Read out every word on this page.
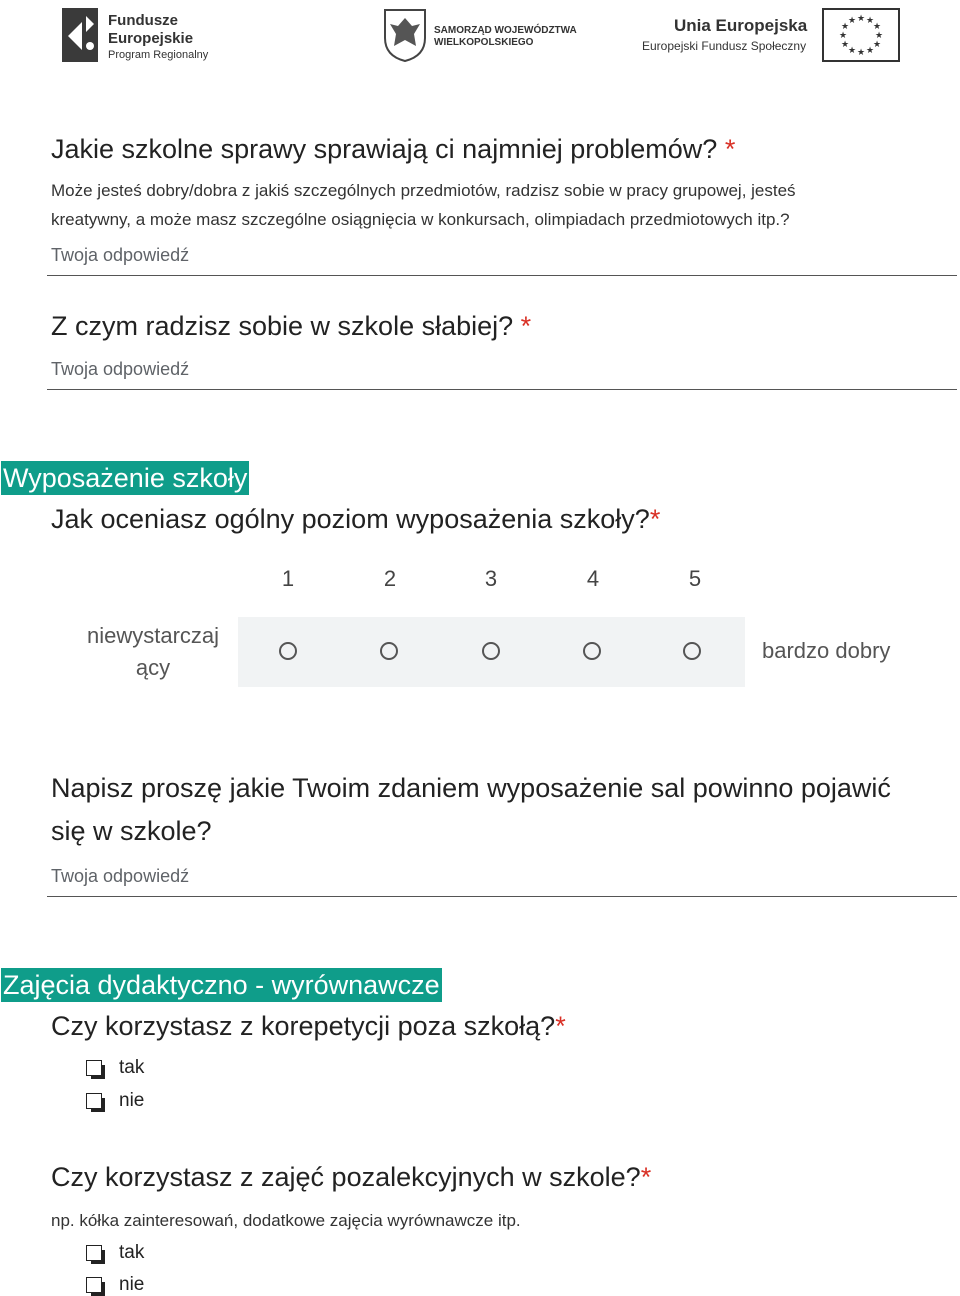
Fundusze
Europejskie
Program Regionalny
SAMORZĄD WOJEWÓDZTWA
WIELKOPOLSKIEGO
Unia Europejska
Europejski Fundusz Społeczny
★ ★
★
★
★
★
★
★
★
★
★
★
Jakie szkolne sprawy sprawiają ci najmniej problemów? *
Może jesteś dobry/dobra z jakiś szczególnych przedmiotów, radzisz sobie w pracy grupowej, jesteś
kreatywny, a może masz szczególne osiągnięcia w konkursach, olimpiadach przedmiotowych itp.?
Twoja odpowiedź
Z czym radzisz sobie w szkole słabiej? *
Twoja odpowiedź
Wyposażenie szkoły
Jak oceniasz ogólny poziom wyposażenia szkoły?*
1	2	3	4	5
niewystarczaj
ący
bardzo dobry
Napisz proszę jakie Twoim zdaniem wyposażenie sal powinno pojawić
się w szkole?
Twoja odpowiedź
Zajęcia dydaktyczno - wyrównawcze
Czy korzystasz z korepetycji poza szkołą?*
tak
nie
Czy korzystasz z zajęć pozalekcyjnych w szkole?*
np. kółka zainteresowań, dodatkowe zajęcia wyrównawcze itp.
tak
nie
